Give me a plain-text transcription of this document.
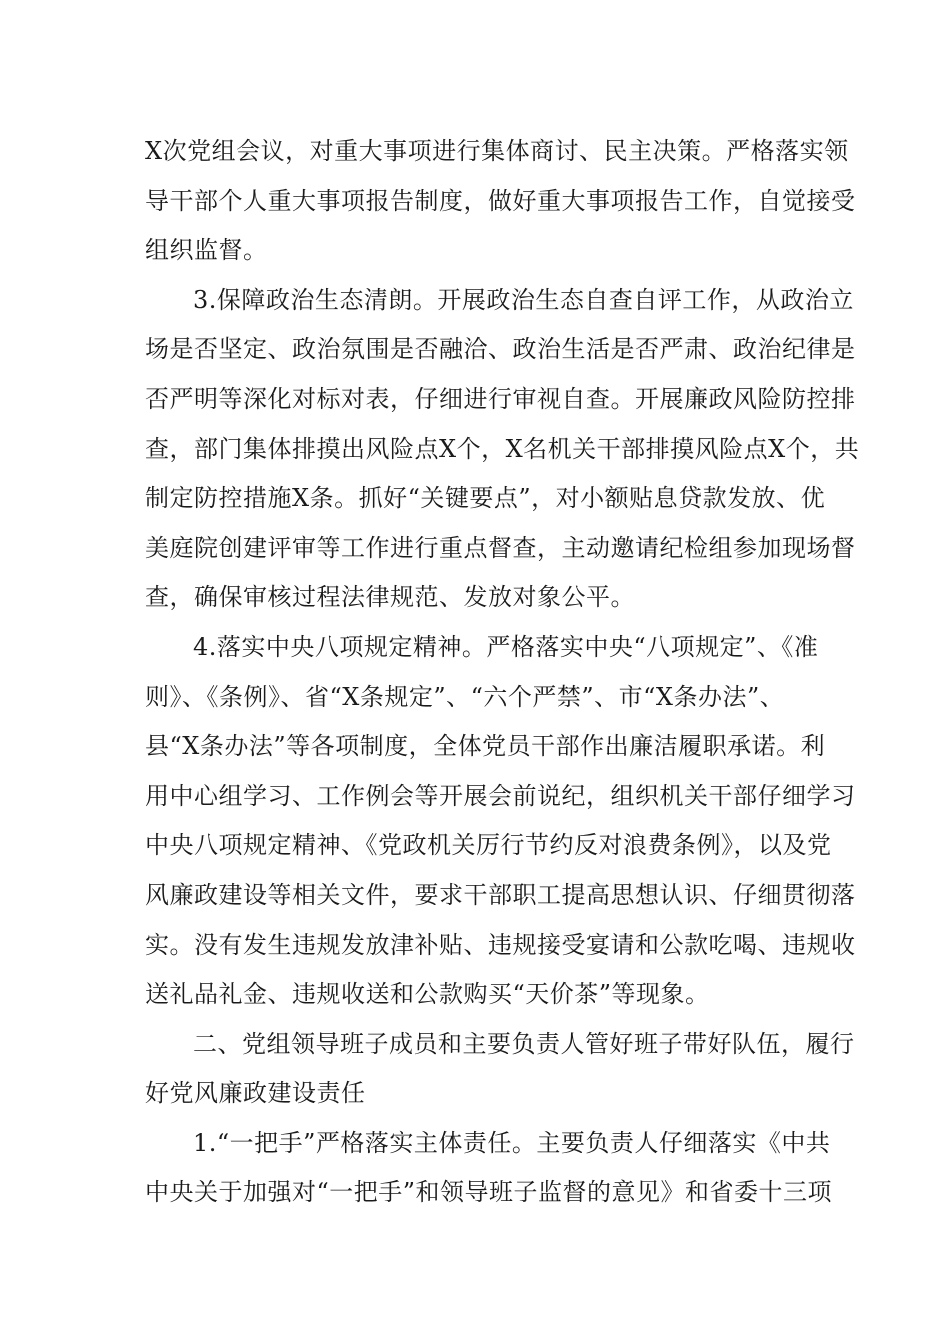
X次党组会议，对重大事项进行集体商讨、民主决策。严格落实领
导干部个人重大事项报告制度，做好重大事项报告工作，自觉接受
组织监督。
3.保障政治生态清朗。开展政治生态自查自评工作，从政治立
场是否坚定、政治氛围是否融洽、政治生活是否严肃、政治纪律是
否严明等深化对标对表，仔细进行审视自查。开展廉政风险防控排
查，部门集体排摸出风险点X个，X名机关干部排摸风险点X个，共
制定防控措施X条。抓好“关键要点”，对小额贴息贷款发放、优
美庭院创建评审等工作进行重点督查，主动邀请纪检组参加现场督
查，确保审核过程法律规范、发放对象公平。
4.落实中央八项规定精神。严格落实中央“八项规定”、《准
则》、《条例》、省“X条规定”、“六个严禁”、市“X条办法”、
县“X条办法”等各项制度，全体党员干部作出廉洁履职承诺。利
用中心组学习、工作例会等开展会前说纪，组织机关干部仔细学习
中央八项规定精神、《党政机关厉行节约反对浪费条例》，以及党
风廉政建设等相关文件，要求干部职工提高思想认识、仔细贯彻落
实。没有发生违规发放津补贴、违规接受宴请和公款吃喝、违规收
送礼品礼金、违规收送和公款购买“天价茶”等现象。
二、党组领导班子成员和主要负责人管好班子带好队伍，履行
好党风廉政建设责任
1.“一把手”严格落实主体责任。主要负责人仔细落实《中共
中央关于加强对“一把手”和领导班子监督的意见》和省委十三项
